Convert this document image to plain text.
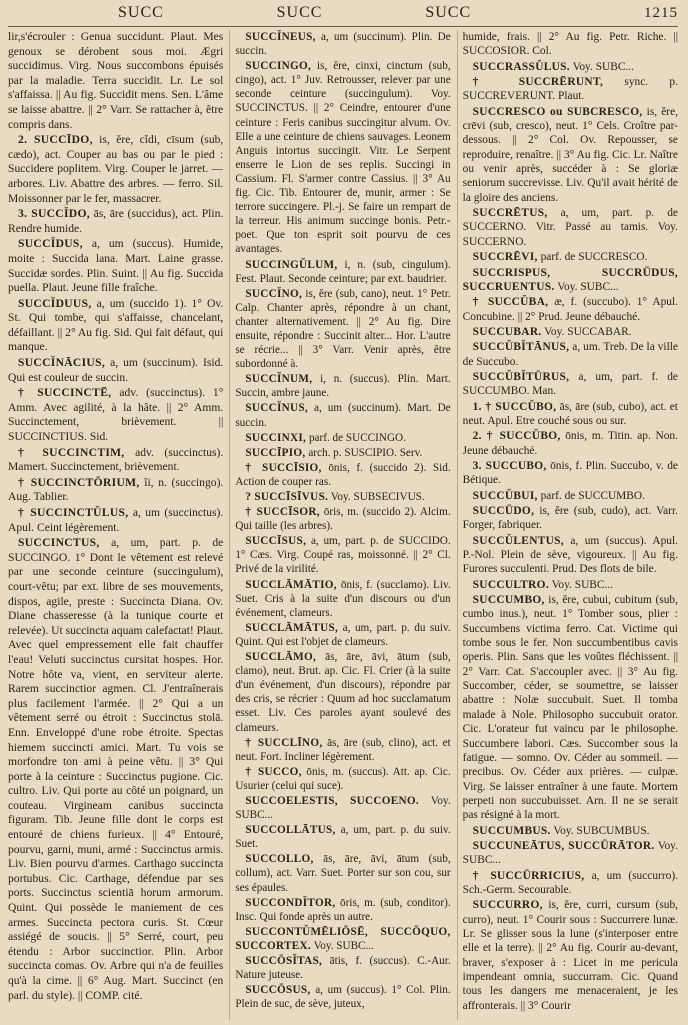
SUCC	SUCC	SUCC	1215

lir,s'écrouler : Genua succidunt. Plaut. Mes genoux se dérobent sous moi. Ægri succidimus. Virg. Nous succombons épuisés par la maladie. Terra succidit. Lr. Le sol s'affaissa. || Au fig. Succidit mens. Sen. L'âme se laisse abattre. || 2° Varr. Se rattacher à, être compris dans.

2. SUCCĪDO, is, ĕre, cĭdi, cīsum (sub, cædo), act. Couper au bas ou par le pied : Succidere poplitem. Virg. Couper le jarret. — arbores. Liv. Abattre des arbres. — ferro. Sil. Moissonner par le fer, massacrer.

3. SUCCĬDO, ās, āre (succidus), act. Plin. Rendre humide.

SUCCĬDUS, a, um (succus). Humide, moite : Succida lana. Mart. Laine grasse. Succidæ sordes. Plin. Suint. || Au fig. Succida puella. Plaut. Jeune fille fraîche.

SUCCĬDUUS, a, um (succido 1). 1° Ov. St. Qui tombe, qui s'affaisse, chancelant, défaillant. || 2° Au fig. Sid. Qui fait défaut, qui manque.

SUCCĬNĀCIUS, a, um (succinum). Isid. Qui est couleur de succin.

† SUCCINCTĒ, adv. (succinctus). 1° Amm. Avec agilité, à la hâte. || 2° Amm. Succinctement, brièvement. || SUCCINCTIUS. Sid.

† SUCCINCTIM, adv. (succinctus). Mamert. Succinctement, brièvement.

† SUCCINCTŌRIUM, ĭi, n. (succingo). Aug. Tablier.

† SUCCINCTŬLUS, a, um (succinctus). Apul. Ceint légèrement.

SUCCINCTUS, a, um, part. p. de SUCCINGO. 1° Dont le vêtement est relevé par une seconde ceinture (succingulum), court-vêtu; par ext. libre de ses mouvements, dispos, agile, preste : Succincta Diana. Ov. Diane chasseresse (à la tunique courte et relevée). Ut succincta aquam calefactat! Plaut. Avec quel empressement elle fait chauffer l'eau! Veluti succinctus cursitat hospes. Hor. Notre hôte va, vient, en serviteur alerte. Rarem succinctior agmen. Cl. J'entraînerais plus facilement l'armée. || 2° Qui a un vêtement serré ou étroit : Succinctus stolā. Enn. Enveloppé d'une robe étroite. Spectas hiemem succincti amici. Mart. Tu vois se morfondre ton ami à peine vêtu. || 3° Qui porte à la ceinture : Succinctus pugione. Cic. cultro. Liv. Qui porte au côté un poignard, un couteau. Virgineam canibus succincta figuram. Tib. Jeune fille dont le corps est entouré de chiens furieux. || 4° Entouré, pourvu, garni, muni, armé : Succinctus armis. Liv. Bien pourvu d'armes. Carthago succincta portubus. Cic. Carthage, défendue par ses ports. Succinctus scientiā horum armorum. Quint. Qui possède le maniement de ces armes. Succincta pectora curis. St. Cœur assiégé de soucis. || 5° Serré, court, peu étendu : Arbor succinctior. Plin. Arbor succincta comas. Ov. Arbre qui n'a de feuilles qu'à la cime. || 6° Aug. Mart. Succinct (en parl. du style). || COMP. cité.

SUCCĬNEUS, a, um (succinum). Plin. De succin.

SUCCINGO, is, ĕre, cinxi, cinctum (sub, cingo), act. 1° Juv. Retrousser, relever par une seconde ceinture (succingulum). Voy. SUCCINCTUS. || 2° Ceindre, entourer d'une ceinture : Feris canibus succingitur alvum. Ov. Elle a une ceinture de chiens sauvages. Leonem Anguis intortus succingit. Vitr. Le Serpent enserre le Lion de ses replis. Succingi in Cassium. Fl. S'armer contre Cassius. || 3° Au fig. Cic. Tib. Entourer de, munir, armer : Se terrore succingere. Pl.-j. Se faire un rempart de la terreur. His animum succinge bonis. Petr.-poet. Que ton esprit soit pourvu de ces avantages.

SUCCINGŬLUM, i, n. (sub, cingulum). Fest. Plaut. Seconde ceinture; par ext. baudrier.

SUCCĬNO, is, ĕre (sub, cano), neut. 1° Petr. Calp. Chanter après, répondre à un chant, chanter alternativement. || 2° Au fig. Dire ensuite, répondre : Succinit alter... Hor. L'autre se récrie... || 3° Varr. Venir après, être subordonné à.

SUCCĬNUM, i, n. (succus). Plin. Mart. Succin, ambre jaune.

SUCCĬNUS, a, um (succinum). Mart. De succin.

SUCCINXI, parf. de SUCCINGO.

SUCCĪPIO, arch. p. SUSCIPIO. Serv.

† SUCCĪSIO, ōnis, f. (succido 2). Sid. Action de couper ras.

? SUCCĪSĪVUS. Voy. SUBSECIVUS.

† SUCCĪSOR, ōris, m. (succido 2). Alcim. Qui taille (les arbres).

SUCCĪSUS, a, um, part. p. de SUCCIDO. 1° Cæs. Virg. Coupé ras, moissonné. || 2° Cl. Privé de la virilité.

SUCCLĀMĀTIO, ōnis, f. (succlamo). Liv. Suet. Cris à la suite d'un discours ou d'un événement, clameurs.

SUCCLĀMĀTUS, a, um, part. p. du suiv. Quint. Qui est l'objet de clameurs.

SUCCLĀMO, ās, āre, āvi, ātum (sub, clamo), neut. Brut. ap. Cic. Fl. Crier (à la suite d'un événement, d'un discours), répondre par des cris, se récrier : Quum ad hoc succlamatum esset. Liv. Ces paroles ayant soulevé des clameurs.

† SUCCLĪNO, ās, āre (sub, clino), act. et neut. Fort. Incliner légèrement.

† SUCCO, ōnis, m. (succus). Att. ap. Cic. Usurier (celui qui suce).

SUCCOELESTIS, SUCCOENO. Voy. SUBC...

SUCCOLLĀTUS, a, um, part. p. du suiv. Suet.

SUCCOLLO, ās, āre, āvi, ātum (sub, collum), act. Varr. Suet. Porter sur son cou, sur ses épaules.

SUCCONDĬTOR, ōris, m. (sub, conditor). Insc. Qui fonde après un autre.

SUCCONTŬMĒLIŌSĒ, SUCCŌQUO, SUCCORTEX. Voy. SUBC...

SUCCŌSĬTAS, ātis, f. (succus). C.-Aur. Nature juteuse.

SUCCŌSUS, a, um (succus). 1° Col. Plin. Plein de suc, de sève, juteux,

humide, frais. || 2° Au fig. Petr. Riche. || SUCCOSIOR. Col.

SUCCRASSŬLUS. Voy. SUBC...

† SUCCRĒRUNT, sync. p. SUCCREVERUNT. Plaut.

SUCCRESCO ou SUBCRESCO, is, ĕre, crēvi (sub, cresco), neut. 1° Cels. Croître par-dessous. || 2° Col. Ov. Repousser, se reproduire, renaître. || 3° Au fig. Cic. Lr. Naître ou venir après, succéder à : Se gloriæ seniorum succrevisse. Liv. Qu'il avait hérité de la gloire des anciens.

SUCCRĒTUS, a, um, part. p. de SUCCERNO. Vitr. Passé au tamis. Voy. SUCCERNO.

SUCCRĒVI, parf. de SUCCRESCO.

SUCCRISPUS, SUCCRŪDUS, SUCCRUENTUS. Voy. SUBC...

† SUCCŬBA, æ, f. (succubo). 1° Apul. Concubine. || 2° Prud. Jeune débauché.

SUCCUBAR. Voy. SUCCABAR.

SUCCŬBĬTĀNUS, a, um. Treb. De la ville de Succubo.

SUCCŬBĬTŪRUS, a, um, part. f. de SUCCUMBO. Man.

1. † SUCCŬBO, ās, āre (sub, cubo), act. et neut. Apul. Etre couché sous ou sur.

2. † SUCCŬBO, ōnis, m. Titin. ap. Non. Jeune débauché.

3. SUCCUBO, ōnis, f. Plin. Succubo, v. de Bétique.

SUCCŬBUI, parf. de SUCCUMBO.

SUCCŪDO, is, ĕre (sub, cudo), act. Varr. Forger, fabriquer.

SUCCŬLENTUS, a, um (succus). Apul. P.-Nol. Plein de sève, vigoureux. || Au fig. Furores succulenti. Prud. Des flots de bile.

SUCCULTRO. Voy. SUBC...

SUCCUMBO, is, ĕre, cubui, cubitum (sub, cumbo inus.), neut. 1° Tomber sous, plier : Succumbens victima ferro. Cat. Victime qui tombe sous le fer. Non succumbentibus cavis operis. Plin. Sans que les voûtes fléchissent. || 2° Varr. Cat. S'accoupler avec. || 3° Au fig. Succomber, céder, se soumettre, se laisser abattre : Nolæ succubuit. Suet. Il tomba malade à Nole. Philosopho succubuit orator. Cic. L'orateur fut vaincu par le philosophe. Succumbere labori. Cæs. Succomber sous la fatigue. — somno. Ov. Céder au sommeil. — precibus. Ov. Céder aux prières. — culpæ. Virg. Se laisser entraîner à une faute. Mortem perpeti non succubuisset. Arn. Il ne se serait pas résigné à la mort.

SUCCUMBUS. Voy. SUBCUMBUS.

SUCCUNEĀTUS, SUCCŪRĀTOR. Voy. SUBC...

† SUCCŪRRICIUS, a, um (succurro). Sch.-Germ. Secourable.

SUCCURRO, is, ĕre, curri, cursum (sub, curro), neut. 1° Courir sous : Succurrere lunæ. Lr. Se glisser sous la lune (s'interposer entre elle et la terre). || 2° Au fig. Courir au-devant, braver, s'exposer à : Licet in me pericula impendeant omnia, succurram. Cic. Quand tous les dangers me menaceraient, je les affronterais. || 3° Courir
